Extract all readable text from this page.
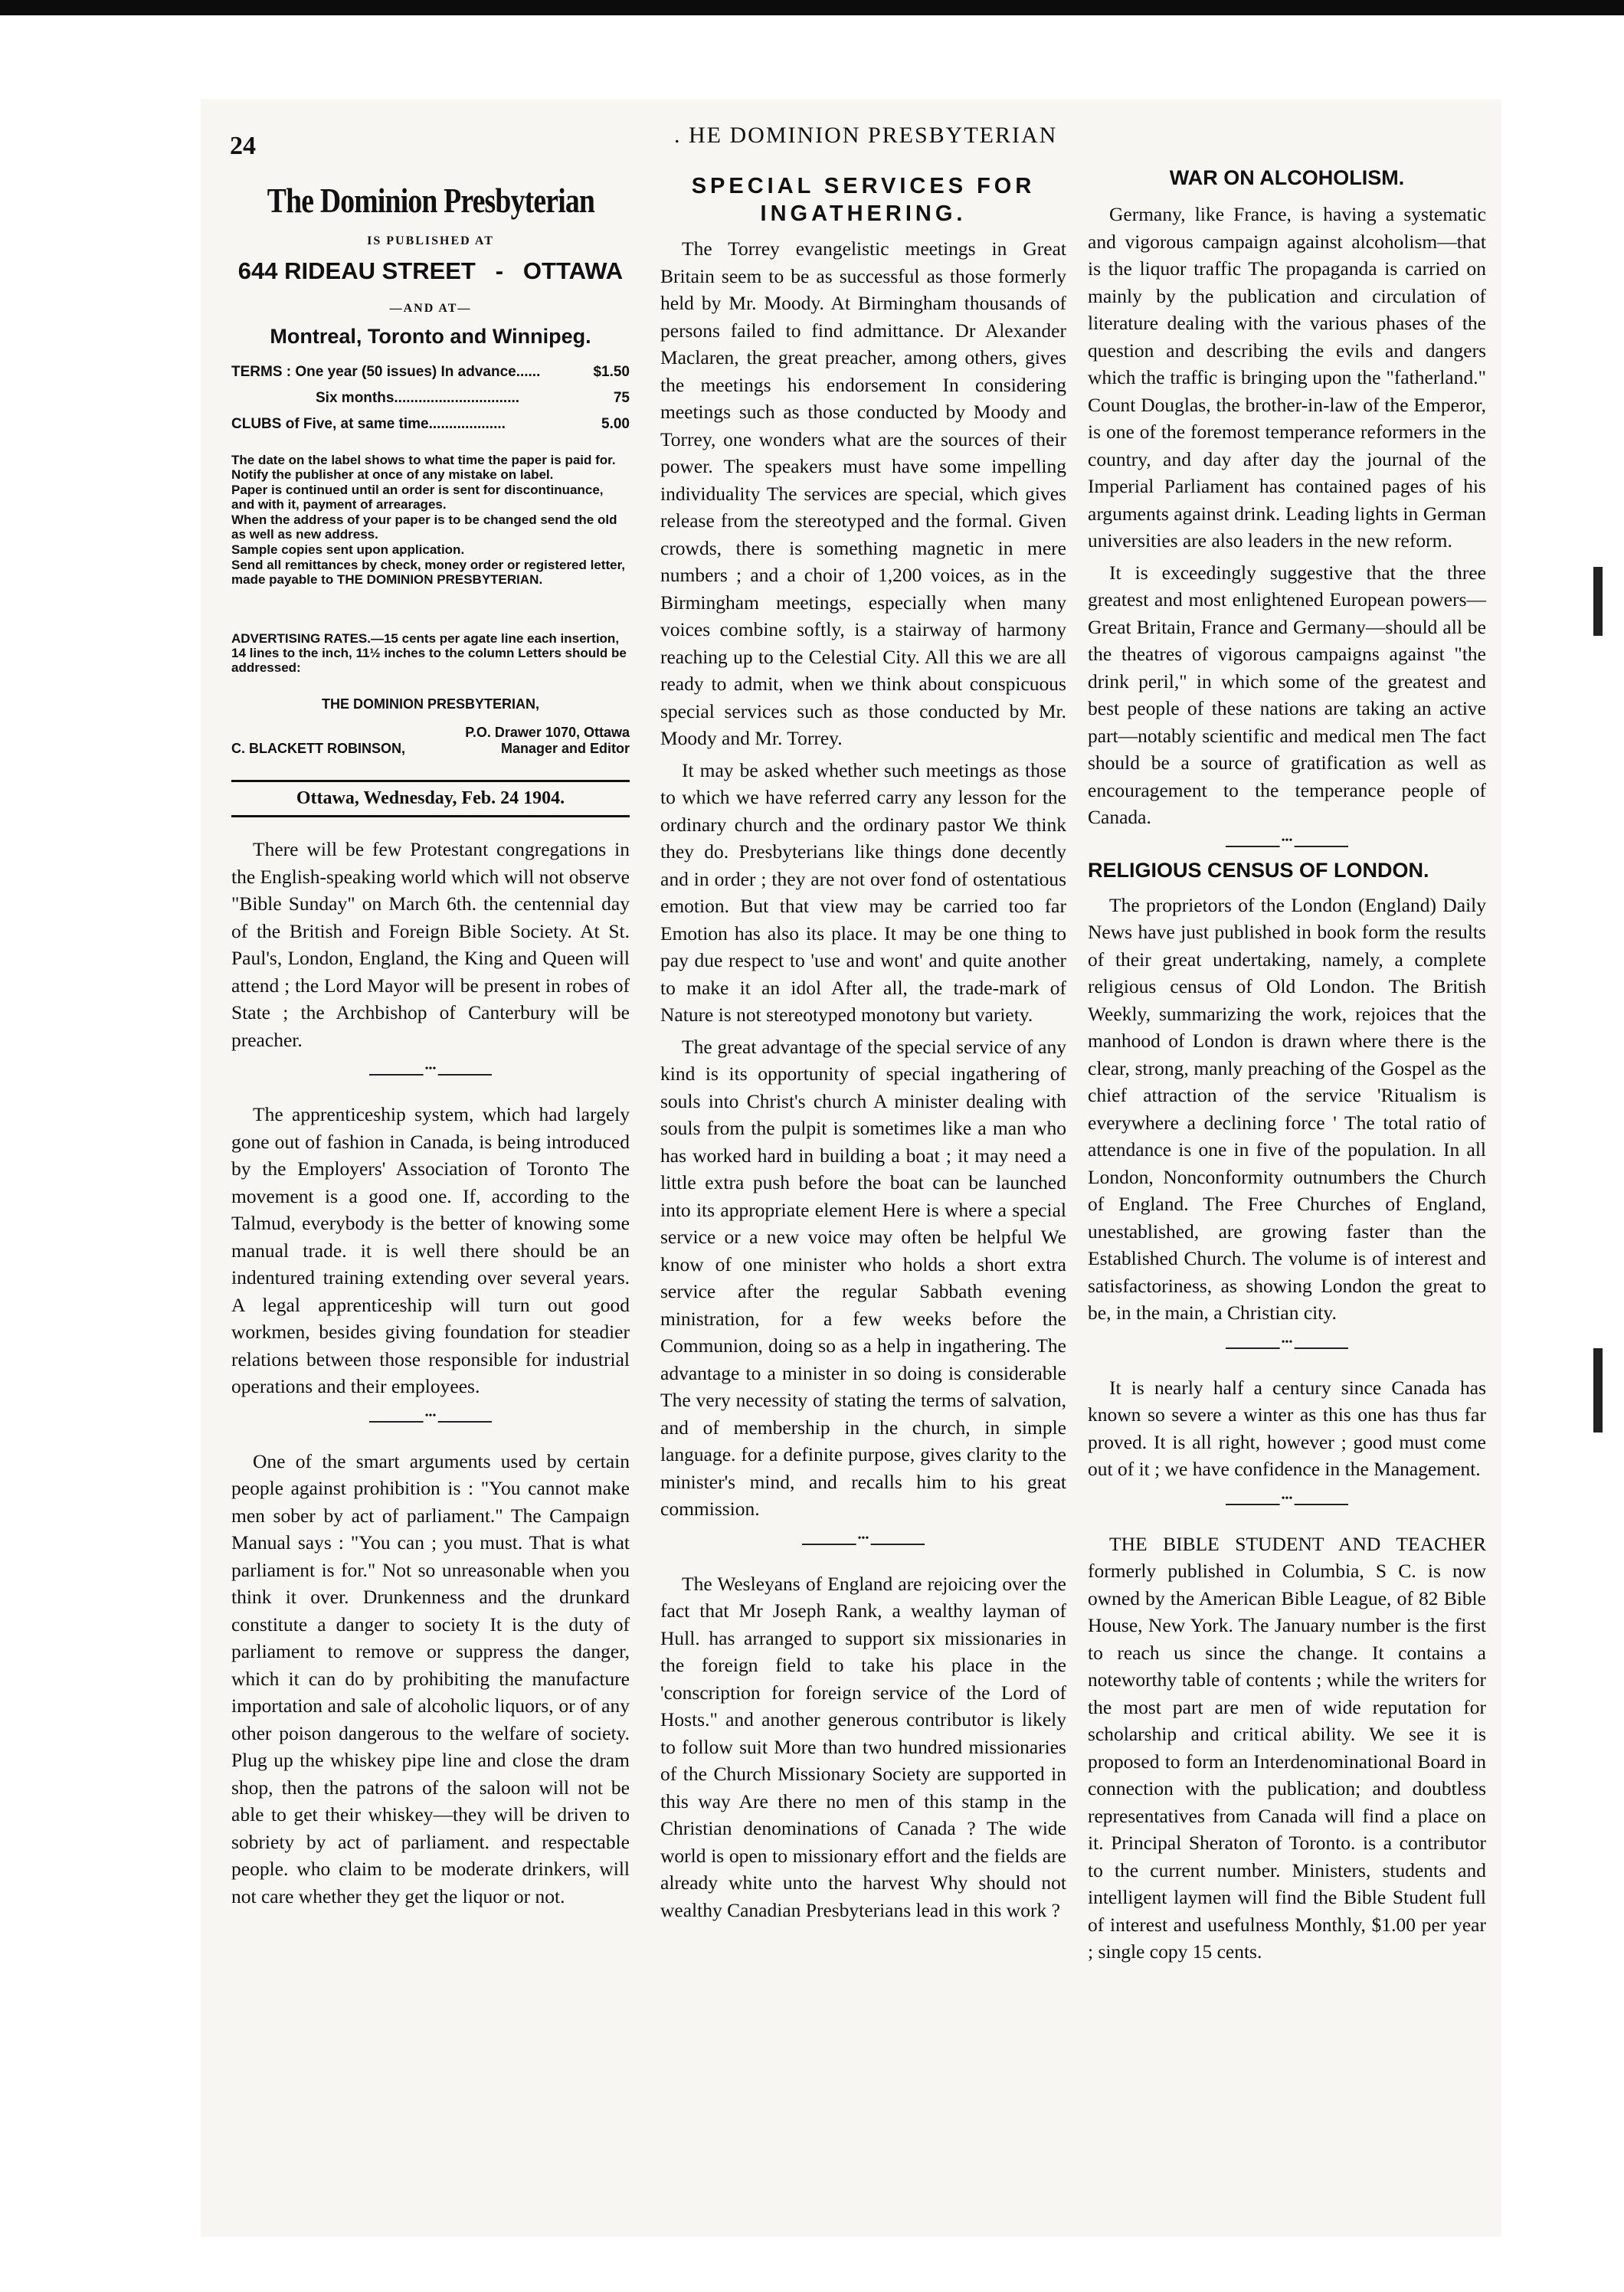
24	. HE DOMINION PRESBYTERIAN
The Dominion Presbyterian
IS PUBLISHED AT
644 RIDEAU STREET - OTTAWA
—AND AT—
Montreal, Toronto and Winnipeg.
TERMS : One year (50 issues) In advance......	$1.50
Six months...............................	75
CLUBS of Five, at same time...................	5.00

The date on the label shows to what time the paper is paid for. Notify the publisher at once of any mistake on label.

Paper is continued until an order is sent for discontinuance, and with it, payment of arrearages.

When the address of your paper is to be changed send the old as well as new address.

Sample copies sent upon application.

Send all remittances by check, money order or registered letter, made payable to THE DOMINION PRESBYTERIAN.

ADVERTISING RATES.—15 cents per agate line each insertion, 14 lines to the inch, 11½ inches to the column Letters should be addressed:
THE DOMINION PRESBYTERIAN,
P.O. Drawer 1070, Ottawa
C. BLACKETT ROBINSON,	Manager and Editor
Ottawa, Wednesday, Feb. 24 1904.

There will be few Protestant congregations in the English-speaking world which will not observe "Bible Sunday" on March 6th. the centennial day of the British and Foreign Bible Society. At St. Paul's, London, England, the King and Queen will attend ; the Lord Mayor will be present in robes of State ; the Archbishop of Canterbury will be preacher.

•••

The apprenticeship system, which had largely gone out of fashion in Canada, is being introduced by the Employers' Association of Toronto The movement is a good one. If, according to the Talmud, everybody is the better of knowing some manual trade. it is well there should be an indentured training extending over several years. A legal apprenticeship will turn out good workmen, besides giving foundation for steadier relations between those responsible for industrial operations and their employees.

•••

One of the smart arguments used by certain people against prohibition is : "You cannot make men sober by act of parliament." The Campaign Manual says : "You can ; you must. That is what parliament is for." Not so unreasonable when you think it over. Drunkenness and the drunkard constitute a danger to society It is the duty of parliament to remove or suppress the danger, which it can do by prohibiting the manufacture importation and sale of alcoholic liquors, or of any other poison dangerous to the welfare of society. Plug up the whiskey pipe line and close the dram shop, then the patrons of the saloon will not be able to get their whiskey—they will be driven to sobriety by act of parliament. and respectable people. who claim to be moderate drinkers, will not care whether they get the liquor or not.

SPECIAL SERVICES FOR INGATHERING.

The Torrey evangelistic meetings in Great Britain seem to be as successful as those formerly held by Mr. Moody. At Birmingham thousands of persons failed to find admittance. Dr Alexander Maclaren, the great preacher, among others, gives the meetings his endorsement In considering meetings such as those conducted by Moody and Torrey, one wonders what are the sources of their power. The speakers must have some impelling individuality The services are special, which gives release from the stereotyped and the formal. Given crowds, there is something magnetic in mere numbers ; and a choir of 1,200 voices, as in the Birmingham meetings, especially when many voices combine softly, is a stairway of harmony reaching up to the Celestial City. All this we are all ready to admit, when we think about conspicuous special services such as those conducted by Mr. Moody and Mr. Torrey.

It may be asked whether such meetings as those to which we have referred carry any lesson for the ordinary church and the ordinary pastor We think they do. Presbyterians like things done decently and in order ; they are not over fond of ostentatious emotion. But that view may be carried too far Emotion has also its place. It may be one thing to pay due respect to 'use and wont' and quite another to make it an idol After all, the trade-mark of Nature is not stereotyped monotony but variety.

The great advantage of the special service of any kind is its opportunity of special ingathering of souls into Christ's church A minister dealing with souls from the pulpit is sometimes like a man who has worked hard in building a boat ; it may need a little extra push before the boat can be launched into its appropriate element Here is where a special service or a new voice may often be helpful We know of one minister who holds a short extra service after the regular Sabbath evening ministration, for a few weeks before the Communion, doing so as a help in ingathering. The advantage to a minister in so doing is considerable The very necessity of stating the terms of salvation, and of membership in the church, in simple language. for a definite purpose, gives clarity to the minister's mind, and recalls him to his great commission.

•••

The Wesleyans of England are rejoicing over the fact that Mr Joseph Rank, a wealthy layman of Hull. has arranged to support six missionaries in the foreign field to take his place in the 'conscription for foreign service of the Lord of Hosts." and another generous contributor is likely to follow suit More than two hundred missionaries of the Church Missionary Society are supported in this way Are there no men of this stamp in the Christian denominations of Canada ? The wide world is open to missionary effort and the fields are already white unto the harvest Why should not wealthy Canadian Presbyterians lead in this work ?

WAR ON ALCOHOLISM.

Germany, like France, is having a systematic and vigorous campaign against alcoholism—that is the liquor traffic The propaganda is carried on mainly by the publication and circulation of literature dealing with the various phases of the question and describing the evils and dangers which the traffic is bringing upon the "fatherland." Count Douglas, the brother-in-law of the Emperor, is one of the foremost temperance reformers in the country, and day after day the journal of the Imperial Parliament has contained pages of his arguments against drink. Leading lights in German universities are also leaders in the new reform.

It is exceedingly suggestive that the three greatest and most enlightened European powers—Great Britain, France and Germany—should all be the theatres of vigorous campaigns against "the drink peril," in which some of the greatest and best people of these nations are taking an active part—notably scientific and medical men The fact should be a source of gratification as well as encouragement to the temperance people of Canada.

•••
RELIGIOUS CENSUS OF LONDON.

The proprietors of the London (England) Daily News have just published in book form the results of their great undertaking, namely, a complete religious census of Old London. The British Weekly, summarizing the work, rejoices that the manhood of London is drawn where there is the clear, strong, manly preaching of the Gospel as the chief attraction of the service 'Ritualism is everywhere a declining force ' The total ratio of attendance is one in five of the population. In all London, Nonconformity outnumbers the Church of England. The Free Churches of England, unestablished, are growing faster than the Established Church. The volume is of interest and satisfactoriness, as showing London the great to be, in the main, a Christian city.

•••

It is nearly half a century since Canada has known so severe a winter as this one has thus far proved. It is all right, however ; good must come out of it ; we have confidence in the Management.

•••

THE BIBLE STUDENT AND TEACHER formerly published in Columbia, S C. is now owned by the American Bible League, of 82 Bible House, New York. The January number is the first to reach us since the change. It contains a noteworthy table of contents ; while the writers for the most part are men of wide reputation for scholarship and critical ability. We see it is proposed to form an Interdenominational Board in connection with the publication; and doubtless representatives from Canada will find a place on it. Principal Sheraton of Toronto. is a contributor to the current number. Ministers, students and intelligent laymen will find the Bible Student full of interest and usefulness Monthly, $1.00 per year ; single copy 15 cents.
